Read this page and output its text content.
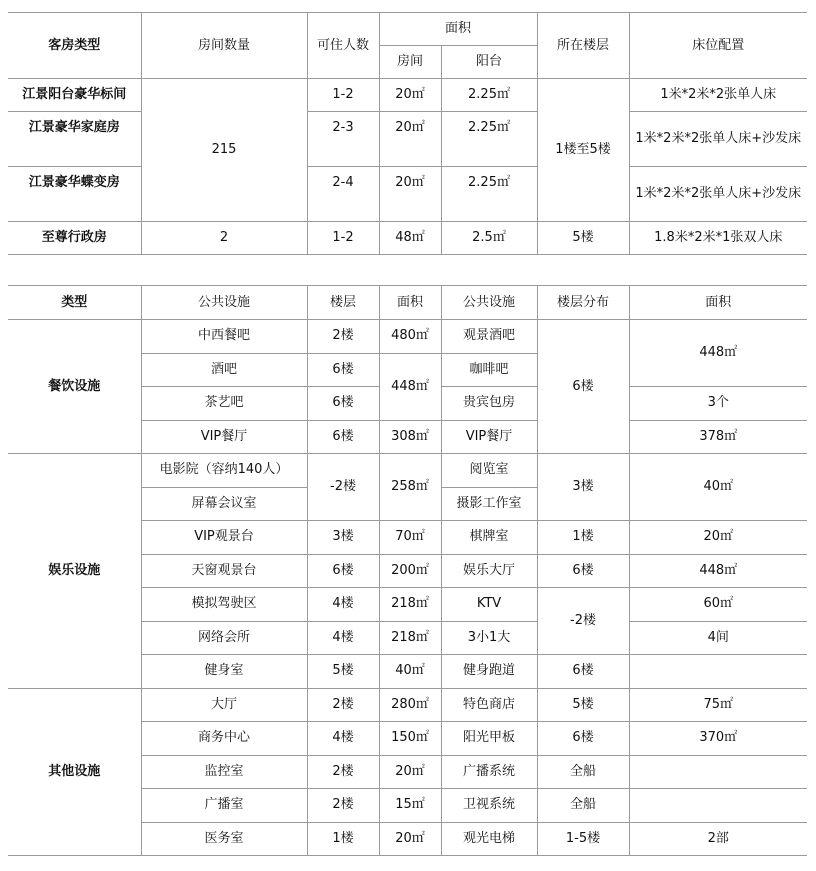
客房类型	房间数量	可住人数	面积		所在楼层	床位配置
			房间	阳台		
江景阳台豪华标间	215	1-2	20㎡	2.25㎡	1楼至5楼	1米*2米*2张单人床
江景豪华家庭房		2-3	20㎡	2.25㎡		1米*2米*2张单人床+沙发床
江景豪华蝶变房		2-4	20㎡	2.25㎡		1米*2米*2张单人床+沙发床
至尊行政房	2	1-2	48㎡	2.5㎡	5楼	1.8米*2米*1张双人床
类型	公共设施	楼层	面积	公共设施	楼层分布	面积
餐饮设施	中西餐吧	2楼	480㎡	观景酒吧	6楼	448㎡
	酒吧	6楼	448㎡	咖啡吧		
	茶艺吧	6楼		贵宾包房		3个
	VIP餐厅	6楼	308㎡	VIP餐厅		378㎡
娱乐设施	电影院（容纳140人）	-2楼	258㎡	阅览室	3楼	40㎡
	屏幕会议室			摄影工作室		
	VIP观景台	3楼	70㎡	棋牌室	1楼	20㎡
	天窗观景台	6楼	200㎡	娱乐大厅	6楼	448㎡
	模拟驾驶区	4楼	218㎡	KTV	-2楼	60㎡
	网络会所	4楼	218㎡	3小1大		4间
	健身室	5楼	40㎡	健身跑道	6楼	
其他设施	大厅	2楼	280㎡	特色商店	5楼	75㎡
	商务中心	4楼	150㎡	阳光甲板	6楼	370㎡
	监控室	2楼	20㎡	广播系统	全船	
	广播室	2楼	15㎡	卫视系统	全船	
	医务室	1楼	20㎡	观光电梯	1-5楼	2部
